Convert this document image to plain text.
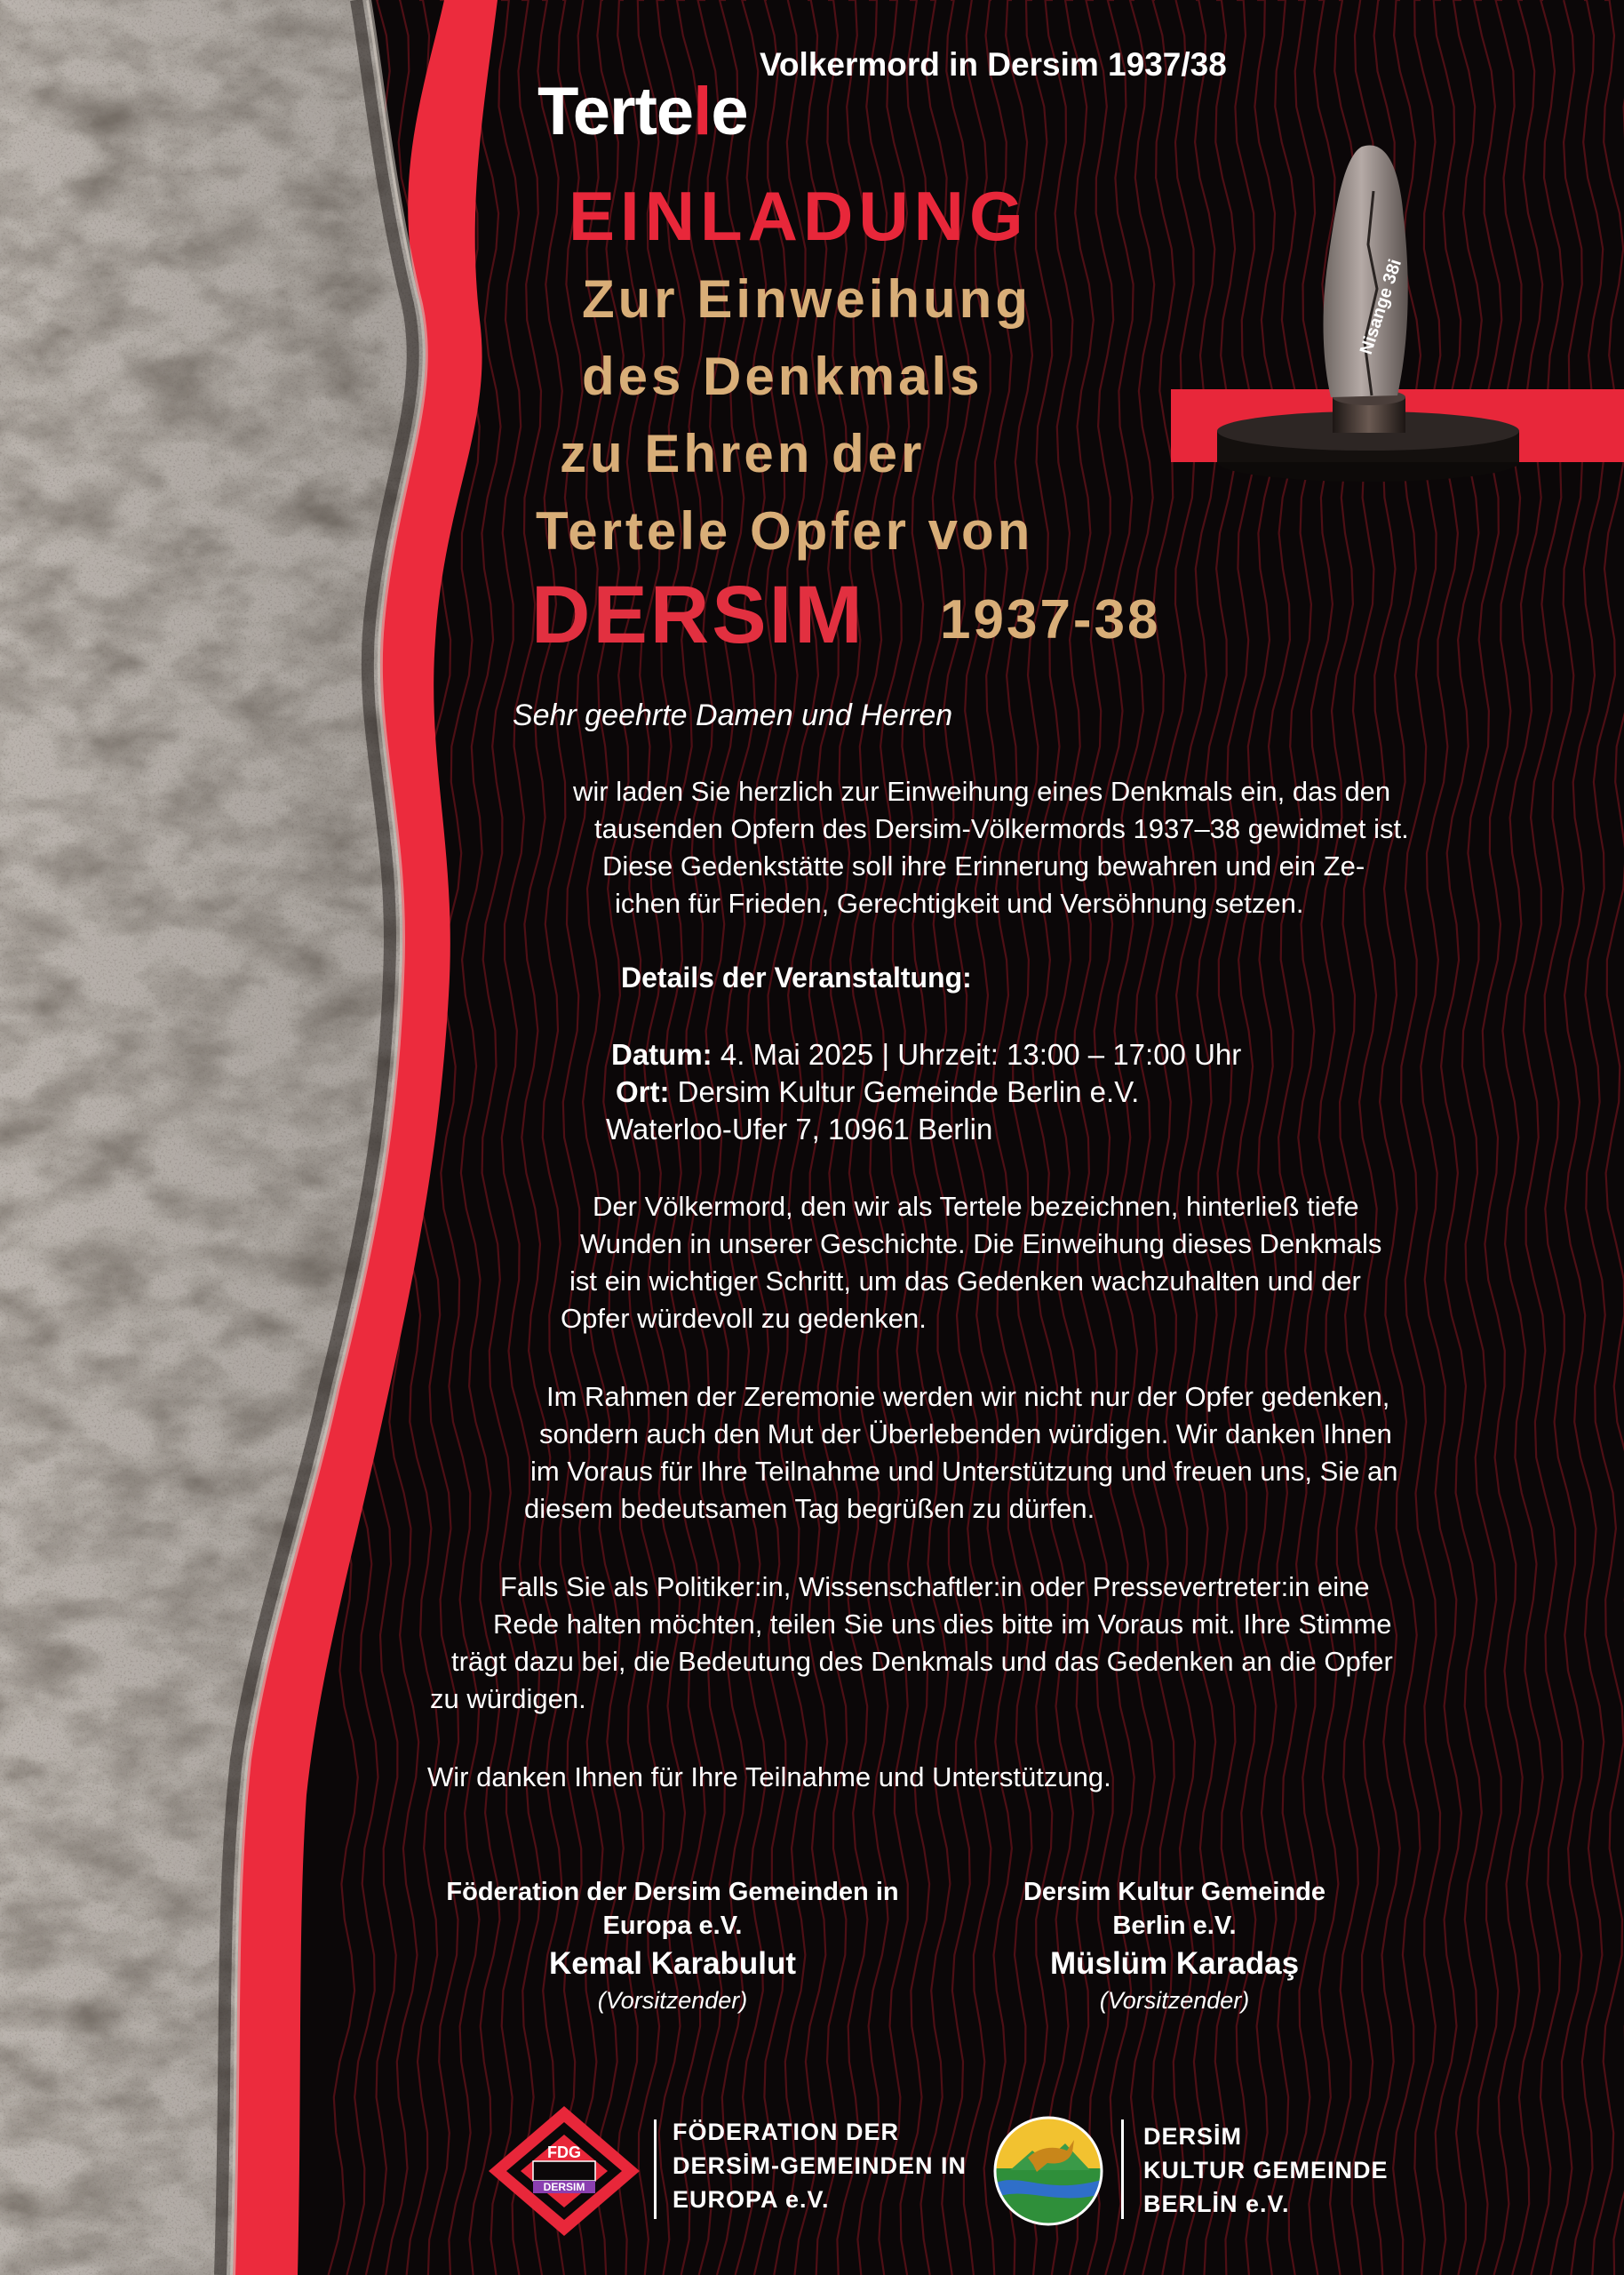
Volkermord in Dersim 1937/38
Tertele
EINLADUNG
Zur Einweihung
des Denkmals
zu Ehren der
Tertele Opfer von
DERSIM 1937-38
Nisange 38i
Sehr geehrte Damen und Herren
wir laden Sie herzlich zur Einweihung eines Denkmals ein, das den
tausenden Opfern des Dersim-Völkermords 1937–38 gewidmet ist.
Diese Gedenkstätte soll ihre Erinnerung bewahren und ein Ze-
ichen für Frieden, Gerechtigkeit und Versöhnung setzen.
Details der Veranstaltung:
Datum: 4. Mai 2025 | Uhrzeit: 13:00 – 17:00 Uhr
Ort: Dersim Kultur Gemeinde Berlin e.V.
Waterloo-Ufer 7, 10961 Berlin
Der Völkermord, den wir als Tertele bezeichnen, hinterließ tiefe
Wunden in unserer Geschichte. Die Einweihung dieses Denkmals
ist ein wichtiger Schritt, um das Gedenken wachzuhalten und der
Opfer würdevoll zu gedenken.
Im Rahmen der Zeremonie werden wir nicht nur der Opfer gedenken,
sondern auch den Mut der Überlebenden würdigen. Wir danken Ihnen
im Voraus für Ihre Teilnahme und Unterstützung und freuen uns, Sie an
diesem bedeutsamen Tag begrüßen zu dürfen.
Falls Sie als Politiker:in, Wissenschaftler:in oder Pressevertreter:in eine
Rede halten möchten, teilen Sie uns dies bitte im Voraus mit. Ihre Stimme
trägt dazu bei, die Bedeutung des Denkmals und das Gedenken an die Opfer
zu würdigen.
Wir danken Ihnen für Ihre Teilnahme und Unterstützung.
Föderation der Dersim Gemeinden in
Europa e.V.
Kemal Karabulut
(Vorsitzender)
Dersim Kultur Gemeinde
Berlin e.V.
Müslüm Karadaş
(Vorsitzender)
FDG
DERSIM
FÖDERATION DER
DERSİM-GEMEINDEN IN
EUROPA e.V.
DERSİM
KULTUR GEMEINDE
BERLİN e.V.
